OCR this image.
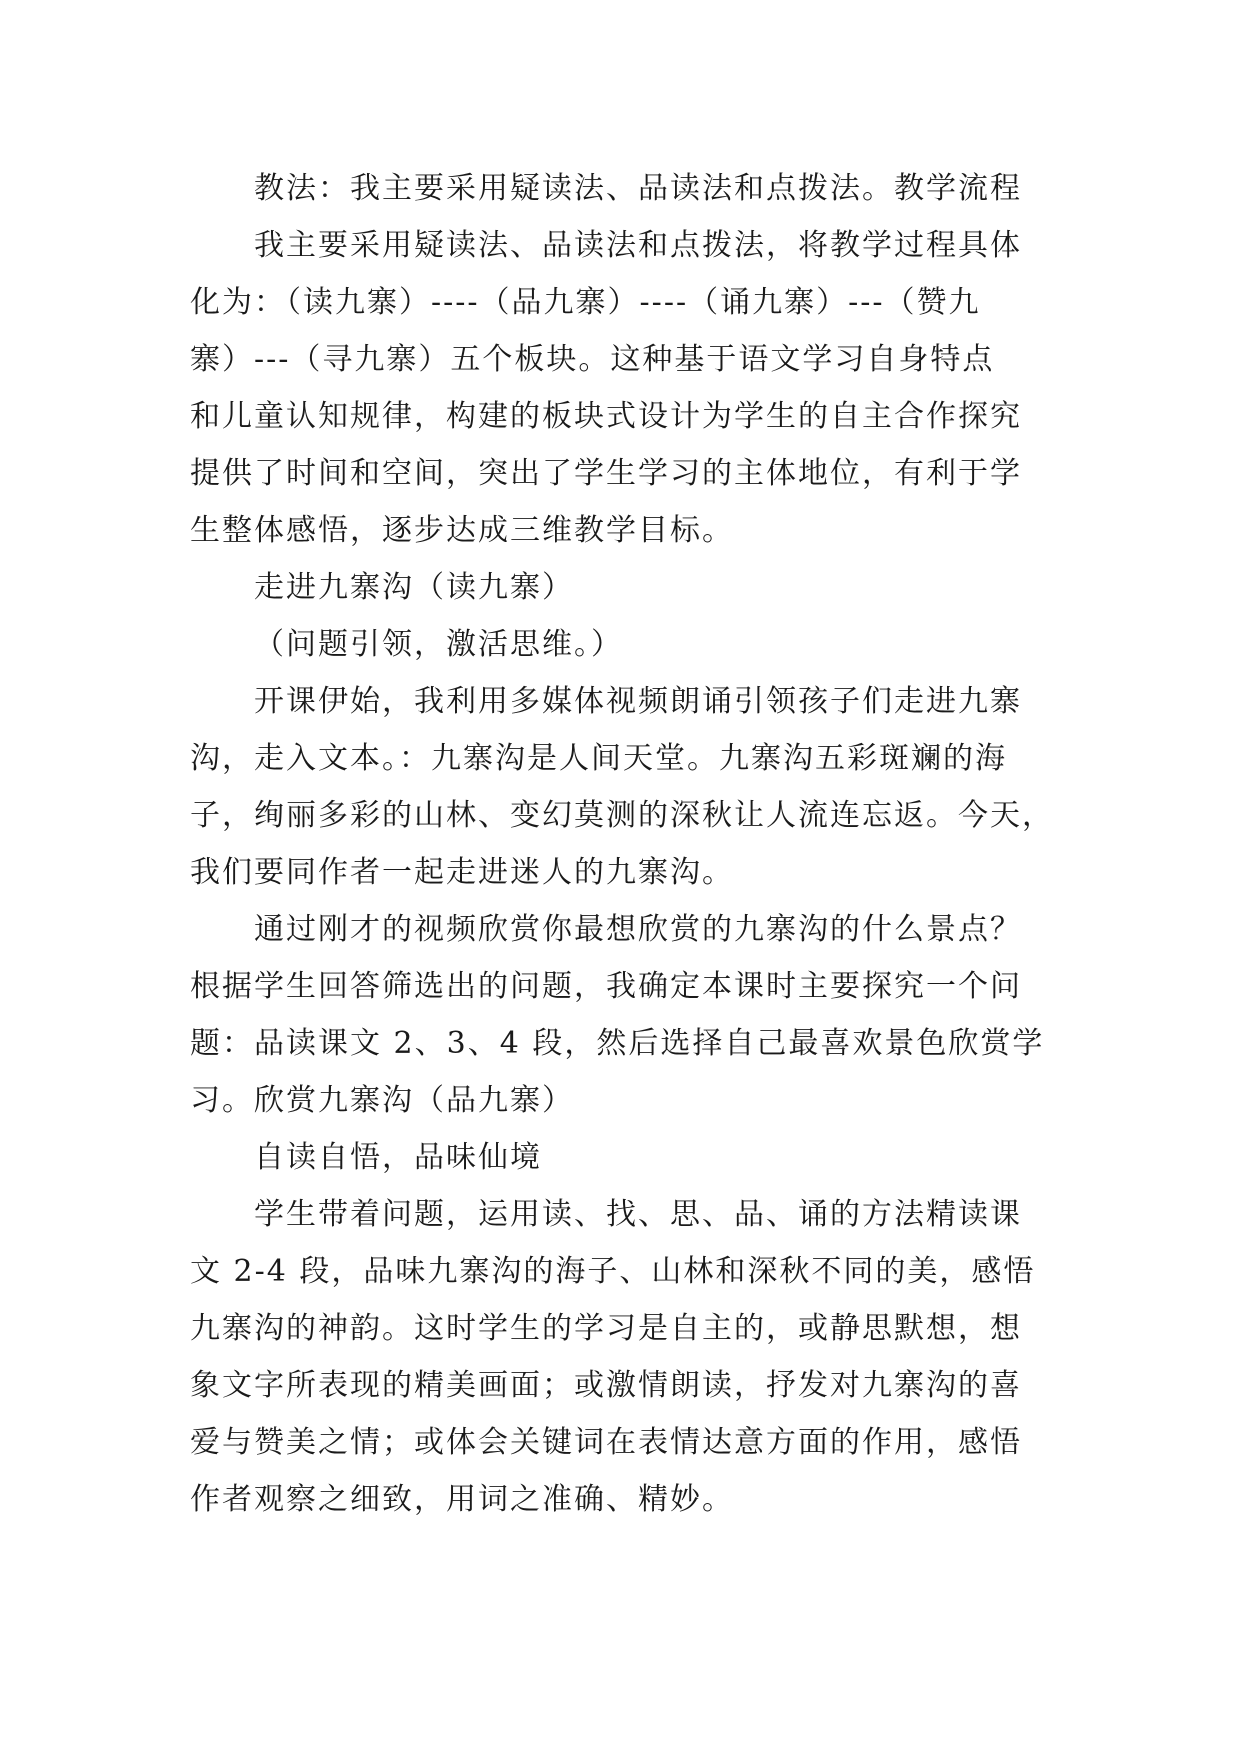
教法：我主要采用疑读法、品读法和点拨法。教学流程
我主要采用疑读法、品读法和点拨法，将教学过程具体
化为：（读九寨）----（品九寨）----（诵九寨）---（赞九
寨）---（寻九寨）五个板块。这种基于语文学习自身特点
和儿童认知规律，构建的板块式设计为学生的自主合作探究
提供了时间和空间，突出了学生学习的主体地位，有利于学
生整体感悟，逐步达成三维教学目标。
走进九寨沟（读九寨）
（问题引领，激活思维。）
开课伊始，我利用多媒体视频朗诵引领孩子们走进九寨
沟，走入文本。：九寨沟是人间天堂。九寨沟五彩斑斓的海
子，绚丽多彩的山林、变幻莫测的深秋让人流连忘返。今天，
我们要同作者一起走进迷人的九寨沟。
通过刚才的视频欣赏你最想欣赏的九寨沟的什么景点？
根据学生回答筛选出的问题，我确定本课时主要探究一个问
题：品读课文 2、3、4 段，然后选择自己最喜欢景色欣赏学
习。欣赏九寨沟（品九寨）
自读自悟，品味仙境
学生带着问题，运用读、找、思、品、诵的方法精读课
文 2-4 段，品味九寨沟的海子、山林和深秋不同的美，感悟
九寨沟的神韵。这时学生的学习是自主的，或静思默想，想
象文字所表现的精美画面；或激情朗读，抒发对九寨沟的喜
爱与赞美之情；或体会关键词在表情达意方面的作用，感悟
作者观察之细致，用词之准确、精妙。
